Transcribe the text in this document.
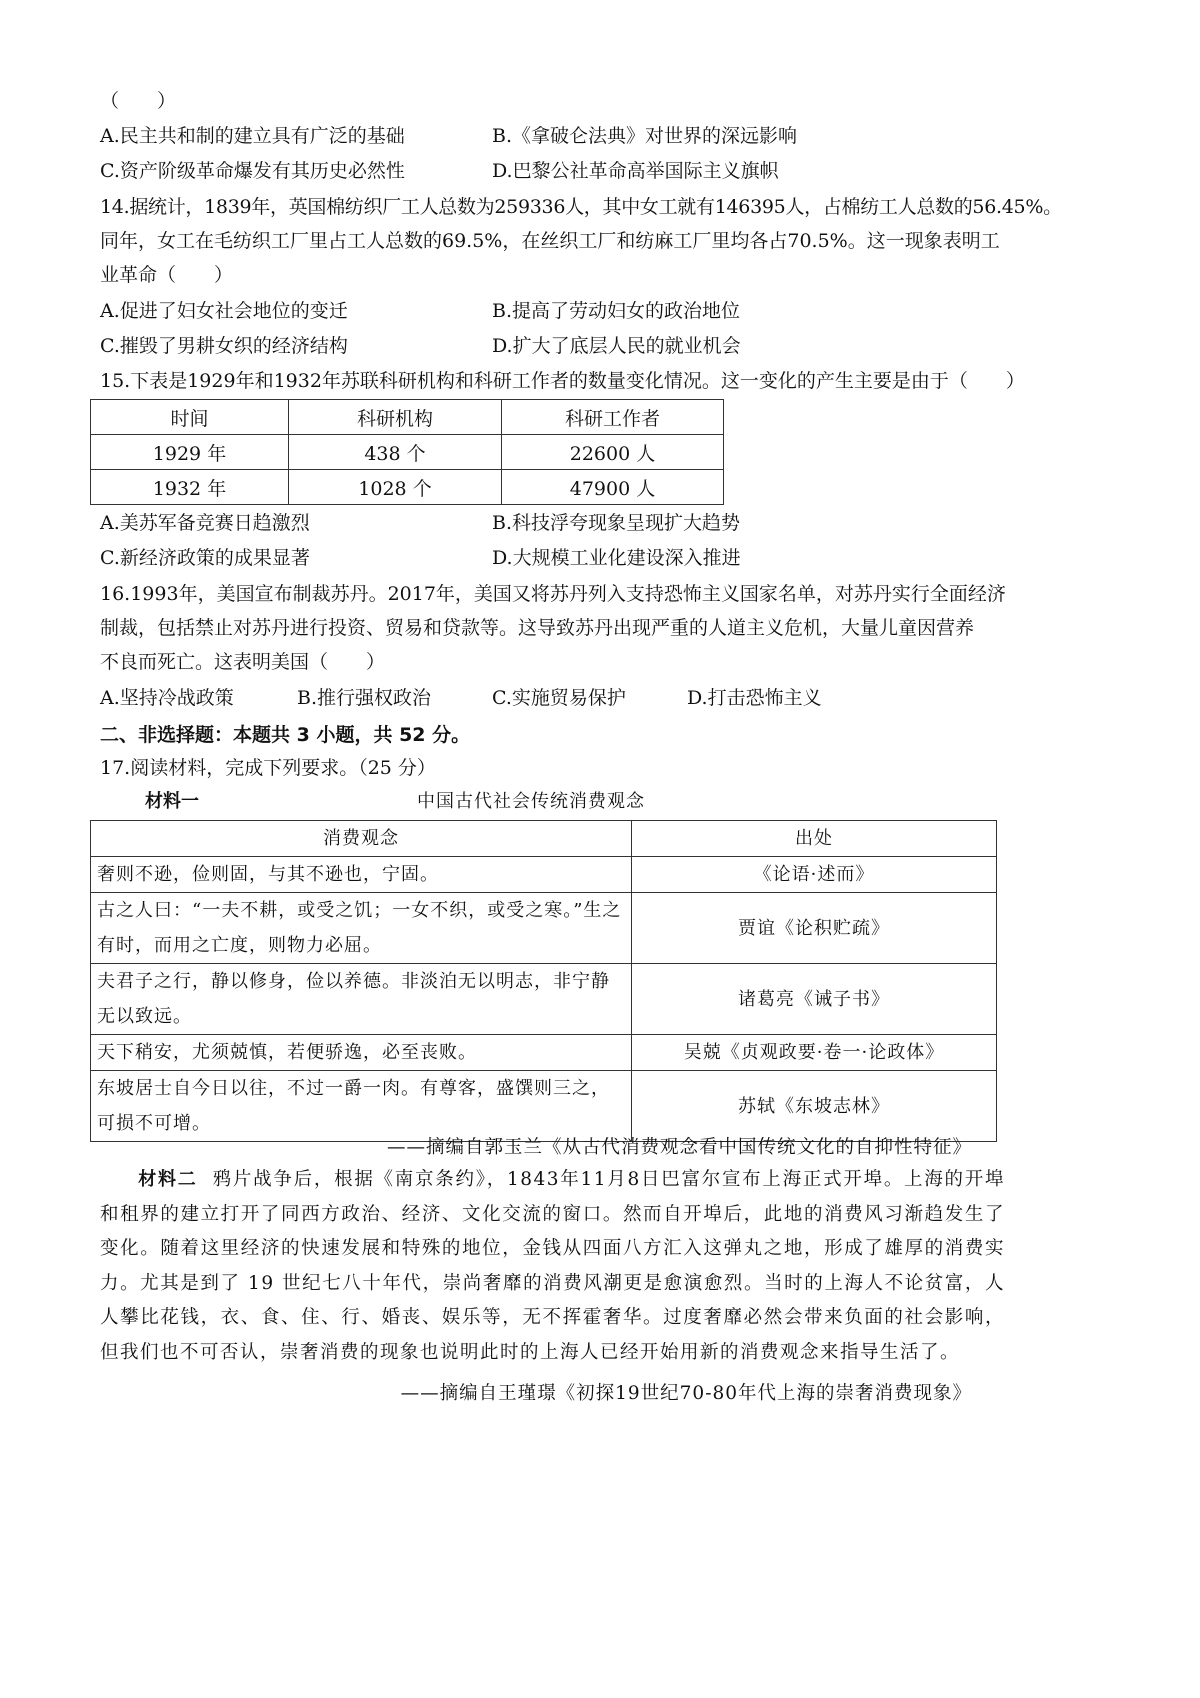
（　　）
A.民主共和制的建立具有广泛的基础	B.《拿破仑法典》对世界的深远影响
C.资产阶级革命爆发有其历史必然性	D.巴黎公社革命高举国际主义旗帜
14.据统计，1839年，英国棉纺织厂工人总数为259336人，其中女工就有146395人，占棉纺工人总数的56.45%。
同年，女工在毛纺织工厂里占工人总数的69.5%，在丝织工厂和纺麻工厂里均各占70.5%。这一现象表明工
业革命（　　）
A.促进了妇女社会地位的变迁	B.提高了劳动妇女的政治地位
C.摧毁了男耕女织的经济结构	D.扩大了底层人民的就业机会
15.下表是1929年和1932年苏联科研机构和科研工作者的数量变化情况。这一变化的产生主要是由于（　　）
时间	科研机构	科研工作者
1929 年	438 个	22600 人
1932 年	1028 个	47900 人
A.美苏军备竞赛日趋激烈	B.科技浮夸现象呈现扩大趋势
C.新经济政策的成果显著	D.大规模工业化建设深入推进
16.1993年，美国宣布制裁苏丹。2017年，美国又将苏丹列入支持恐怖主义国家名单，对苏丹实行全面经济
制裁，包括禁止对苏丹进行投资、贸易和贷款等。这导致苏丹出现严重的人道主义危机，大量儿童因营养
不良而死亡。这表明美国（　　）
A.坚持冷战政策	B.推行强权政治	C.实施贸易保护	D.打击恐怖主义
二、非选择题：本题共 3 小题，共 52 分。
17.阅读材料，完成下列要求。（25 分）
材料一	中国古代社会传统消费观念
消费观念	出处
奢则不逊，俭则固，与其不逊也，宁固。	《论语·述而》
古之人曰：“一夫不耕，或受之饥；一女不织，或受之寒。”生之有时，而用之亡度，则物力必屈。	贾谊《论积贮疏》
夫君子之行，静以修身，俭以养德。非淡泊无以明志，非宁静无以致远。	诸葛亮《诫子书》
天下稍安，尤须兢慎，若便骄逸，必至丧败。	吴兢《贞观政要·卷一·论政体》
东坡居士自今日以往，不过一爵一肉。有尊客，盛馔则三之，可损不可增。	苏轼《东坡志林》
——摘编自郭玉兰《从古代消费观念看中国传统文化的自抑性特征》
材料二 鸦片战争后，根据《南京条约》，1843年11月8日巴富尔宣布上海正式开埠。上海的开埠和租界的建立打开了同西方政治、经济、文化交流的窗口。然而自开埠后，此地的消费风习渐趋发生了变化。随着这里经济的快速发展和特殊的地位，金钱从四面八方汇入这弹丸之地，形成了雄厚的消费实力。尤其是到了 19 世纪七八十年代，崇尚奢靡的消费风潮更是愈演愈烈。当时的上海人不论贫富，人人攀比花钱，衣、食、住、行、婚丧、娱乐等，无不挥霍奢华。过度奢靡必然会带来负面的社会影响，但我们也不可否认，崇奢消费的现象也说明此时的上海人已经开始用新的消费观念来指导生活了。
——摘编自王瑾璟《初探19世纪70-80年代上海的崇奢消费现象》
